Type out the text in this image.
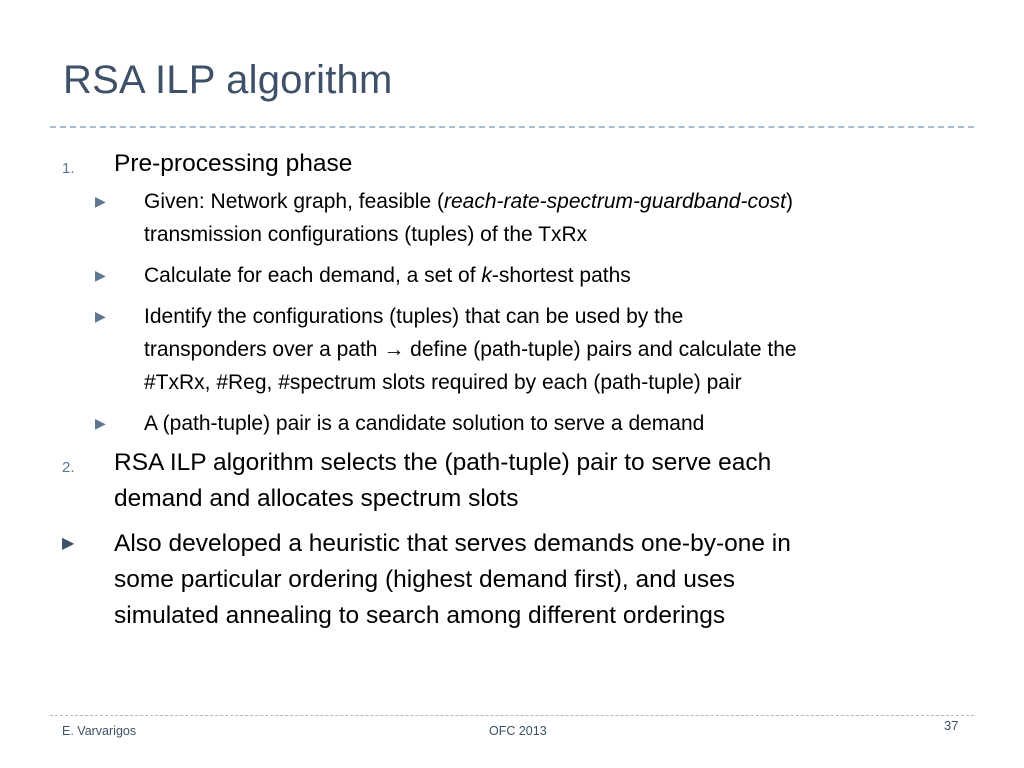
RSA ILP algorithm
1. Pre-processing phase
▶ Given: Network graph, feasible (reach-rate-spectrum-guardband-cost)
transmission configurations (tuples) of the TxRx
▶ Calculate for each demand, a set of k-shortest paths
▶ Identify the configurations (tuples) that can be used by the
transponders over a path → define (path-tuple) pairs and calculate the
#TxRx, #Reg, #spectrum slots required by each (path-tuple) pair
▶ A (path-tuple) pair is a candidate solution to serve a demand
2. RSA ILP algorithm selects the (path-tuple) pair to serve each
demand and allocates spectrum slots
▶ Also developed a heuristic that serves demands one-by-one in
some particular ordering (highest demand first), and uses
simulated annealing to search among different orderings
E. Varvarigos	OFC 2013	37
